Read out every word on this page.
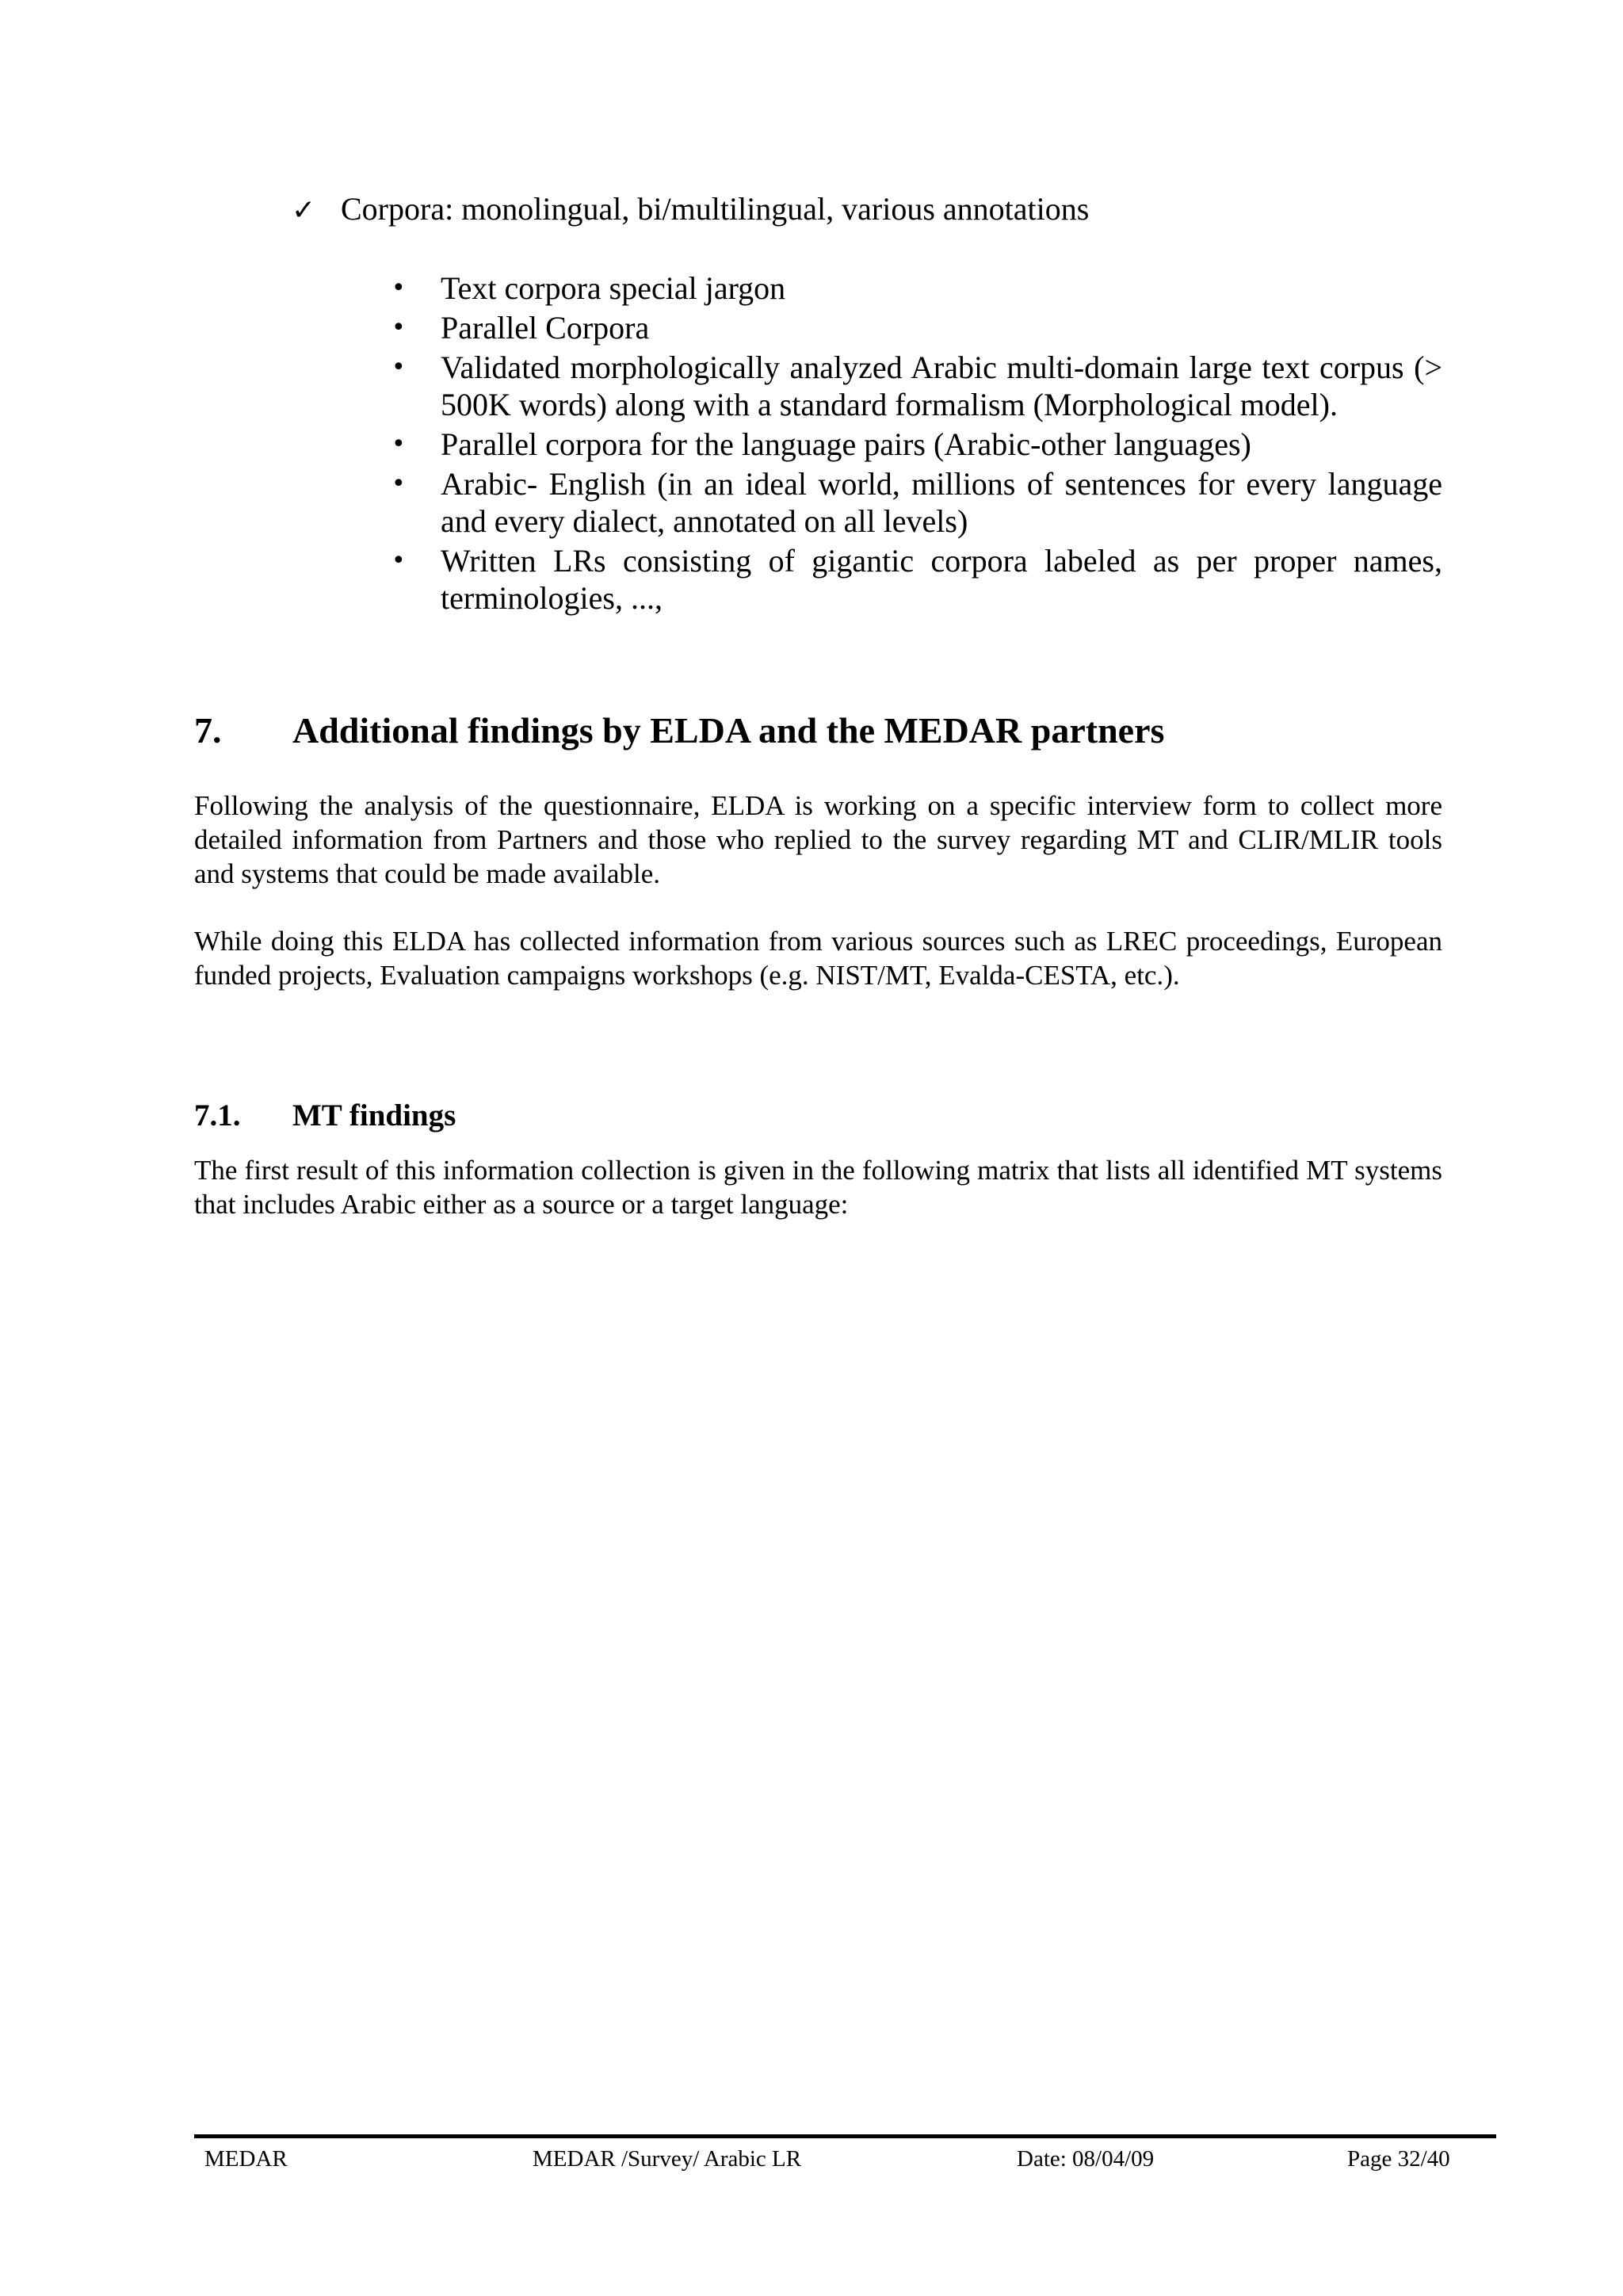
✓ Corpora: monolingual, bi/multilingual, various annotations
• Text corpora special jargon
• Parallel Corpora
• Validated morphologically analyzed Arabic multi-domain large text corpus (> 500K words) along with a standard formalism (Morphological model).
• Parallel corpora for the language pairs (Arabic-other languages)
• Arabic- English (in an ideal world, millions of sentences for every language and every dialect, annotated on all levels)
• Written LRs consisting of gigantic corpora labeled as per proper names, terminologies, ...,
7. Additional findings by ELDA and the MEDAR partners

Following the analysis of the questionnaire, ELDA is working on a specific interview form to collect more detailed information from Partners and those who replied to the survey regarding MT and CLIR/MLIR tools and systems that could be made available.

While doing this ELDA has collected information from various sources such as LREC proceedings, European funded projects, Evaluation campaigns workshops (e.g. NIST/MT, Evalda-CESTA, etc.).

7.1. MT findings

The first result of this information collection is given in the following matrix that lists all identified MT systems that includes Arabic either as a source or a target language:

MEDAR	MEDAR /Survey/ Arabic LR	Date: 08/04/09	Page 32/40
